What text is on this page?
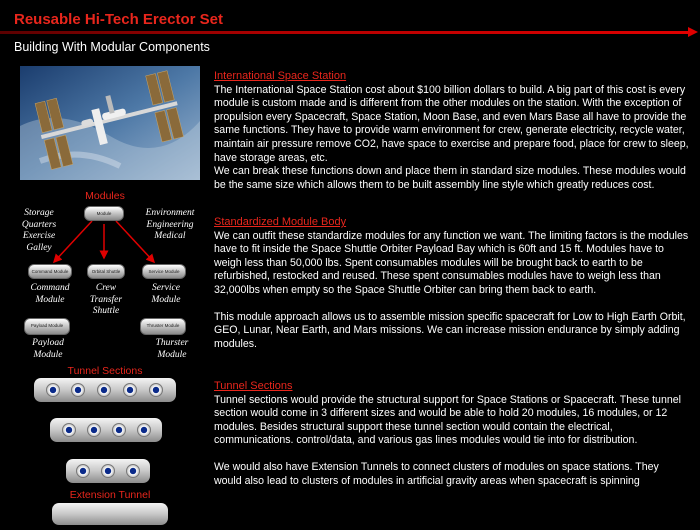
Reusable Hi-Tech Erector Set
Building With Modular Components
Modules
Module
Storage
Quarters
Exercise
Galley
Environment
Engineering
Medical
Command Module	Orbital Shuttle	Service Module
Command
Module
Crew
Transfer
Shuttle
Service
Module
Payload Module	Thruster Module
Payload
Module
Thurster
Module
Tunnel Sections
Extension Tunnel
International Space Station

The International Space Station cost about $100 billion dollars to build. A big part of this cost is every module is custom made and is different from the other modules on the station. With the exception of propulsion every Spacecraft, Space Station, Moon Base, and even Mars Base all have to provide the same functions. They have to provide warm environment for crew, generate electricity, recycle water, maintain air pressure remove CO2, have space to exercise and prepare food, place for crew to sleep, have storage areas, etc.

We can break these functions down and place them in standard size modules. These modules would be the same size which allows them to be built assembly line style which greatly reduces cost.

Standardized Module Body

We can outfit these standardize modules for any function we want. The limiting factors is the modules have to fit inside the Space Shuttle Orbiter Payload Bay which is 60ft and 15 ft. Modules have to weigh less than 50,000 lbs. Spent consumables modules will be brought back to earth to be refurbished, restocked and reused. These spent consumables modules have to weigh less than 32,000lbs when empty so the Space Shuttle Orbiter can bring them back to earth.

This module approach allows us to assemble mission specific spacecraft for Low to High Earth Orbit, GEO, Lunar, Near Earth, and Mars missions. We can increase mission endurance by simply adding modules.

Tunnel Sections

Tunnel sections would provide the structural support for Space Stations or Spacecraft. These tunnel section would come in 3 different sizes and would be able to hold 20 modules, 16 modules, or 12 modules. Besides structural support these tunnel section would contain the electrical, communications. control/data, and various gas lines modules would tie into for distribution.

We would also have Extension Tunnels to connect clusters of modules on space stations. They would also lead to clusters of modules in artificial gravity areas when spacecraft is spinning
